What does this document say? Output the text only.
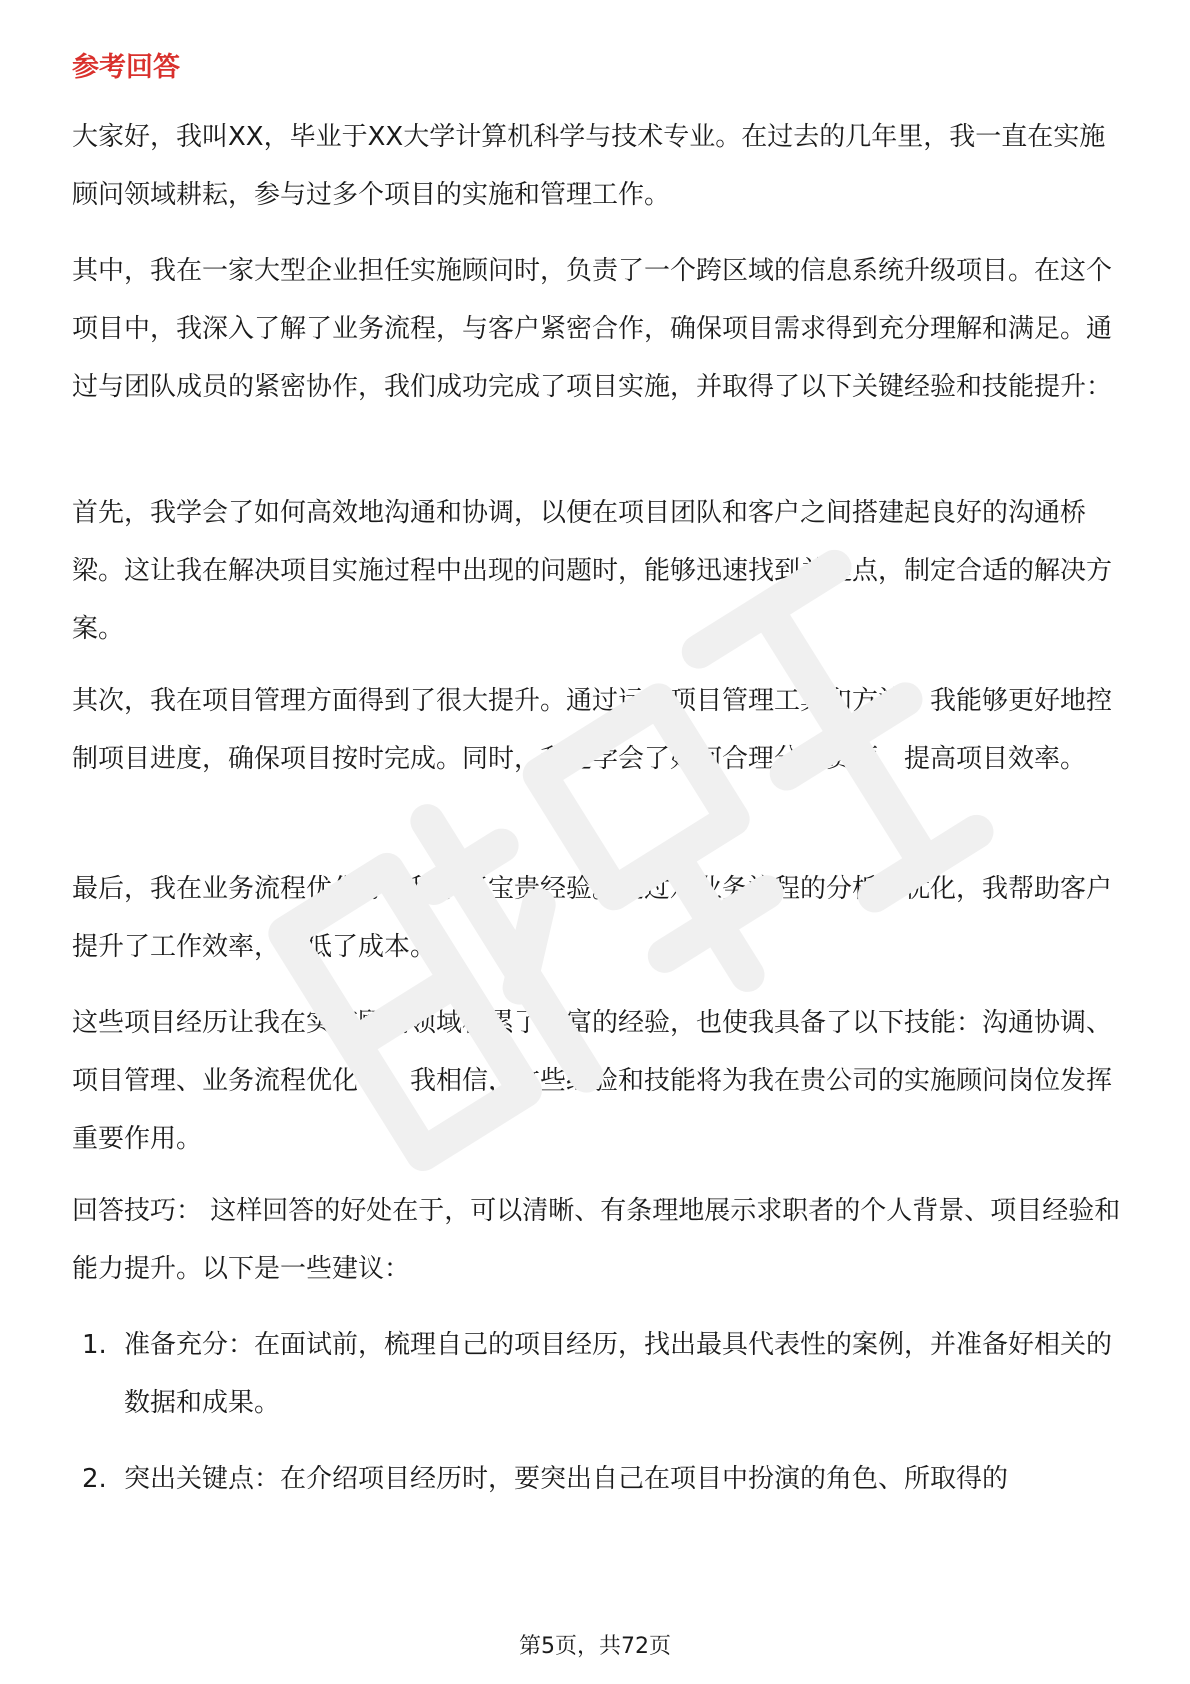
参考回答

大家好，我叫XX，毕业于XX大学计算机科学与技术专业。在过去的几年里，我一直在实施顾问领域耕耘，参与过多个项目的实施和管理工作。

其中，我在一家大型企业担任实施顾问时，负责了一个跨区域的信息系统升级项目。在这个项目中，我深入了解了业务流程，与客户紧密合作，确保项目需求得到充分理解和满足。通过与团队成员的紧密协作，我们成功完成了项目实施，并取得了以下关键经验和技能提升：

首先，我学会了如何高效地沟通和协调，以便在项目团队和客户之间搭建起良好的沟通桥梁。这让我在解决项目实施过程中出现的问题时，能够迅速找到关键点，制定合适的解决方案。

其次，我在项目管理方面得到了很大提升。通过运用项目管理工具和方法，我能够更好地控制项目进度，确保项目按时完成。同时，我还学会了如何合理分配资源，提高项目效率。

最后，我在业务流程优化方面积累了宝贵经验。通过对业务流程的分析和优化，我帮助客户提升了工作效率，降低了成本。

这些项目经历让我在实施顾问领域积累了丰富的经验，也使我具备了以下技能：沟通协调、项目管理、业务流程优化等。我相信，这些经验和技能将为我在贵公司的实施顾问岗位发挥重要作用。

回答技巧： 这样回答的好处在于，可以清晰、有条理地展示求职者的个人背景、项目经验和能力提升。以下是一些建议：

1. 准备充分：在面试前，梳理自己的项目经历，找出最具代表性的案例，并准备好相关的数据和成果。
2. 突出关键点：在介绍项目经历时，要突出自己在项目中扮演的角色、所取得的
第5页，共72页
